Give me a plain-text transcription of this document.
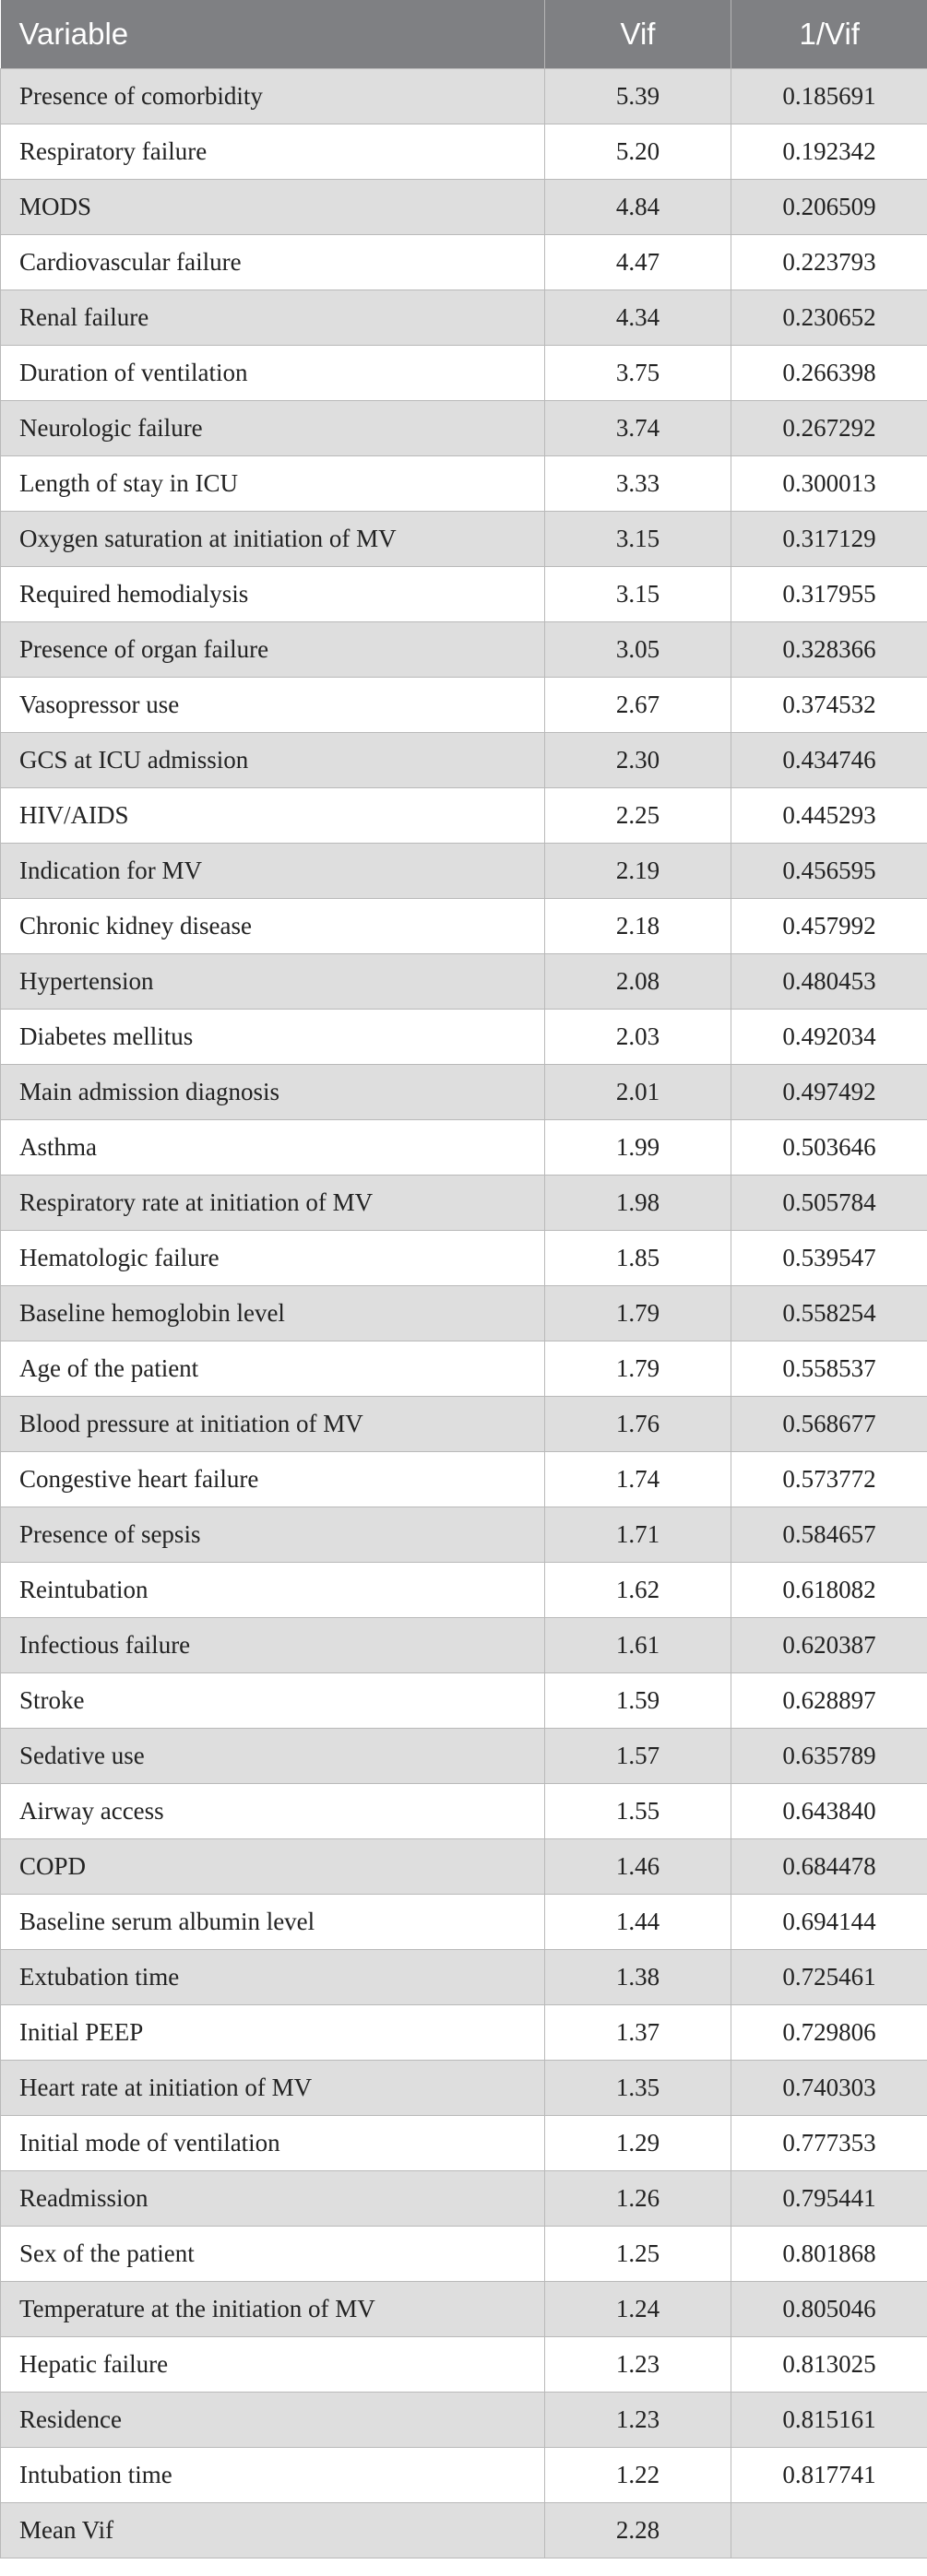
Variable	Vif	1/Vif
Presence of comorbidity	5.39	0.185691
Respiratory failure	5.20	0.192342
MODS	4.84	0.206509
Cardiovascular failure	4.47	0.223793
Renal failure	4.34	0.230652
Duration of ventilation	3.75	0.266398
Neurologic failure	3.74	0.267292
Length of stay in ICU	3.33	0.300013
Oxygen saturation at initiation of MV	3.15	0.317129
Required hemodialysis	3.15	0.317955
Presence of organ failure	3.05	0.328366
Vasopressor use	2.67	0.374532
GCS at ICU admission	2.30	0.434746
HIV/AIDS	2.25	0.445293
Indication for MV	2.19	0.456595
Chronic kidney disease	2.18	0.457992
Hypertension	2.08	0.480453
Diabetes mellitus	2.03	0.492034
Main admission diagnosis	2.01	0.497492
Asthma	1.99	0.503646
Respiratory rate at initiation of MV	1.98	0.505784
Hematologic failure	1.85	0.539547
Baseline hemoglobin level	1.79	0.558254
Age of the patient	1.79	0.558537
Blood pressure at initiation of MV	1.76	0.568677
Congestive heart failure	1.74	0.573772
Presence of sepsis	1.71	0.584657
Reintubation	1.62	0.618082
Infectious failure	1.61	0.620387
Stroke	1.59	0.628897
Sedative use	1.57	0.635789
Airway access	1.55	0.643840
COPD	1.46	0.684478
Baseline serum albumin level	1.44	0.694144
Extubation time	1.38	0.725461
Initial PEEP	1.37	0.729806
Heart rate at initiation of MV	1.35	0.740303
Initial mode of ventilation	1.29	0.777353
Readmission	1.26	0.795441
Sex of the patient	1.25	0.801868
Temperature at the initiation of MV	1.24	0.805046
Hepatic failure	1.23	0.813025
Residence	1.23	0.815161
Intubation time	1.22	0.817741
Mean Vif	2.28	
